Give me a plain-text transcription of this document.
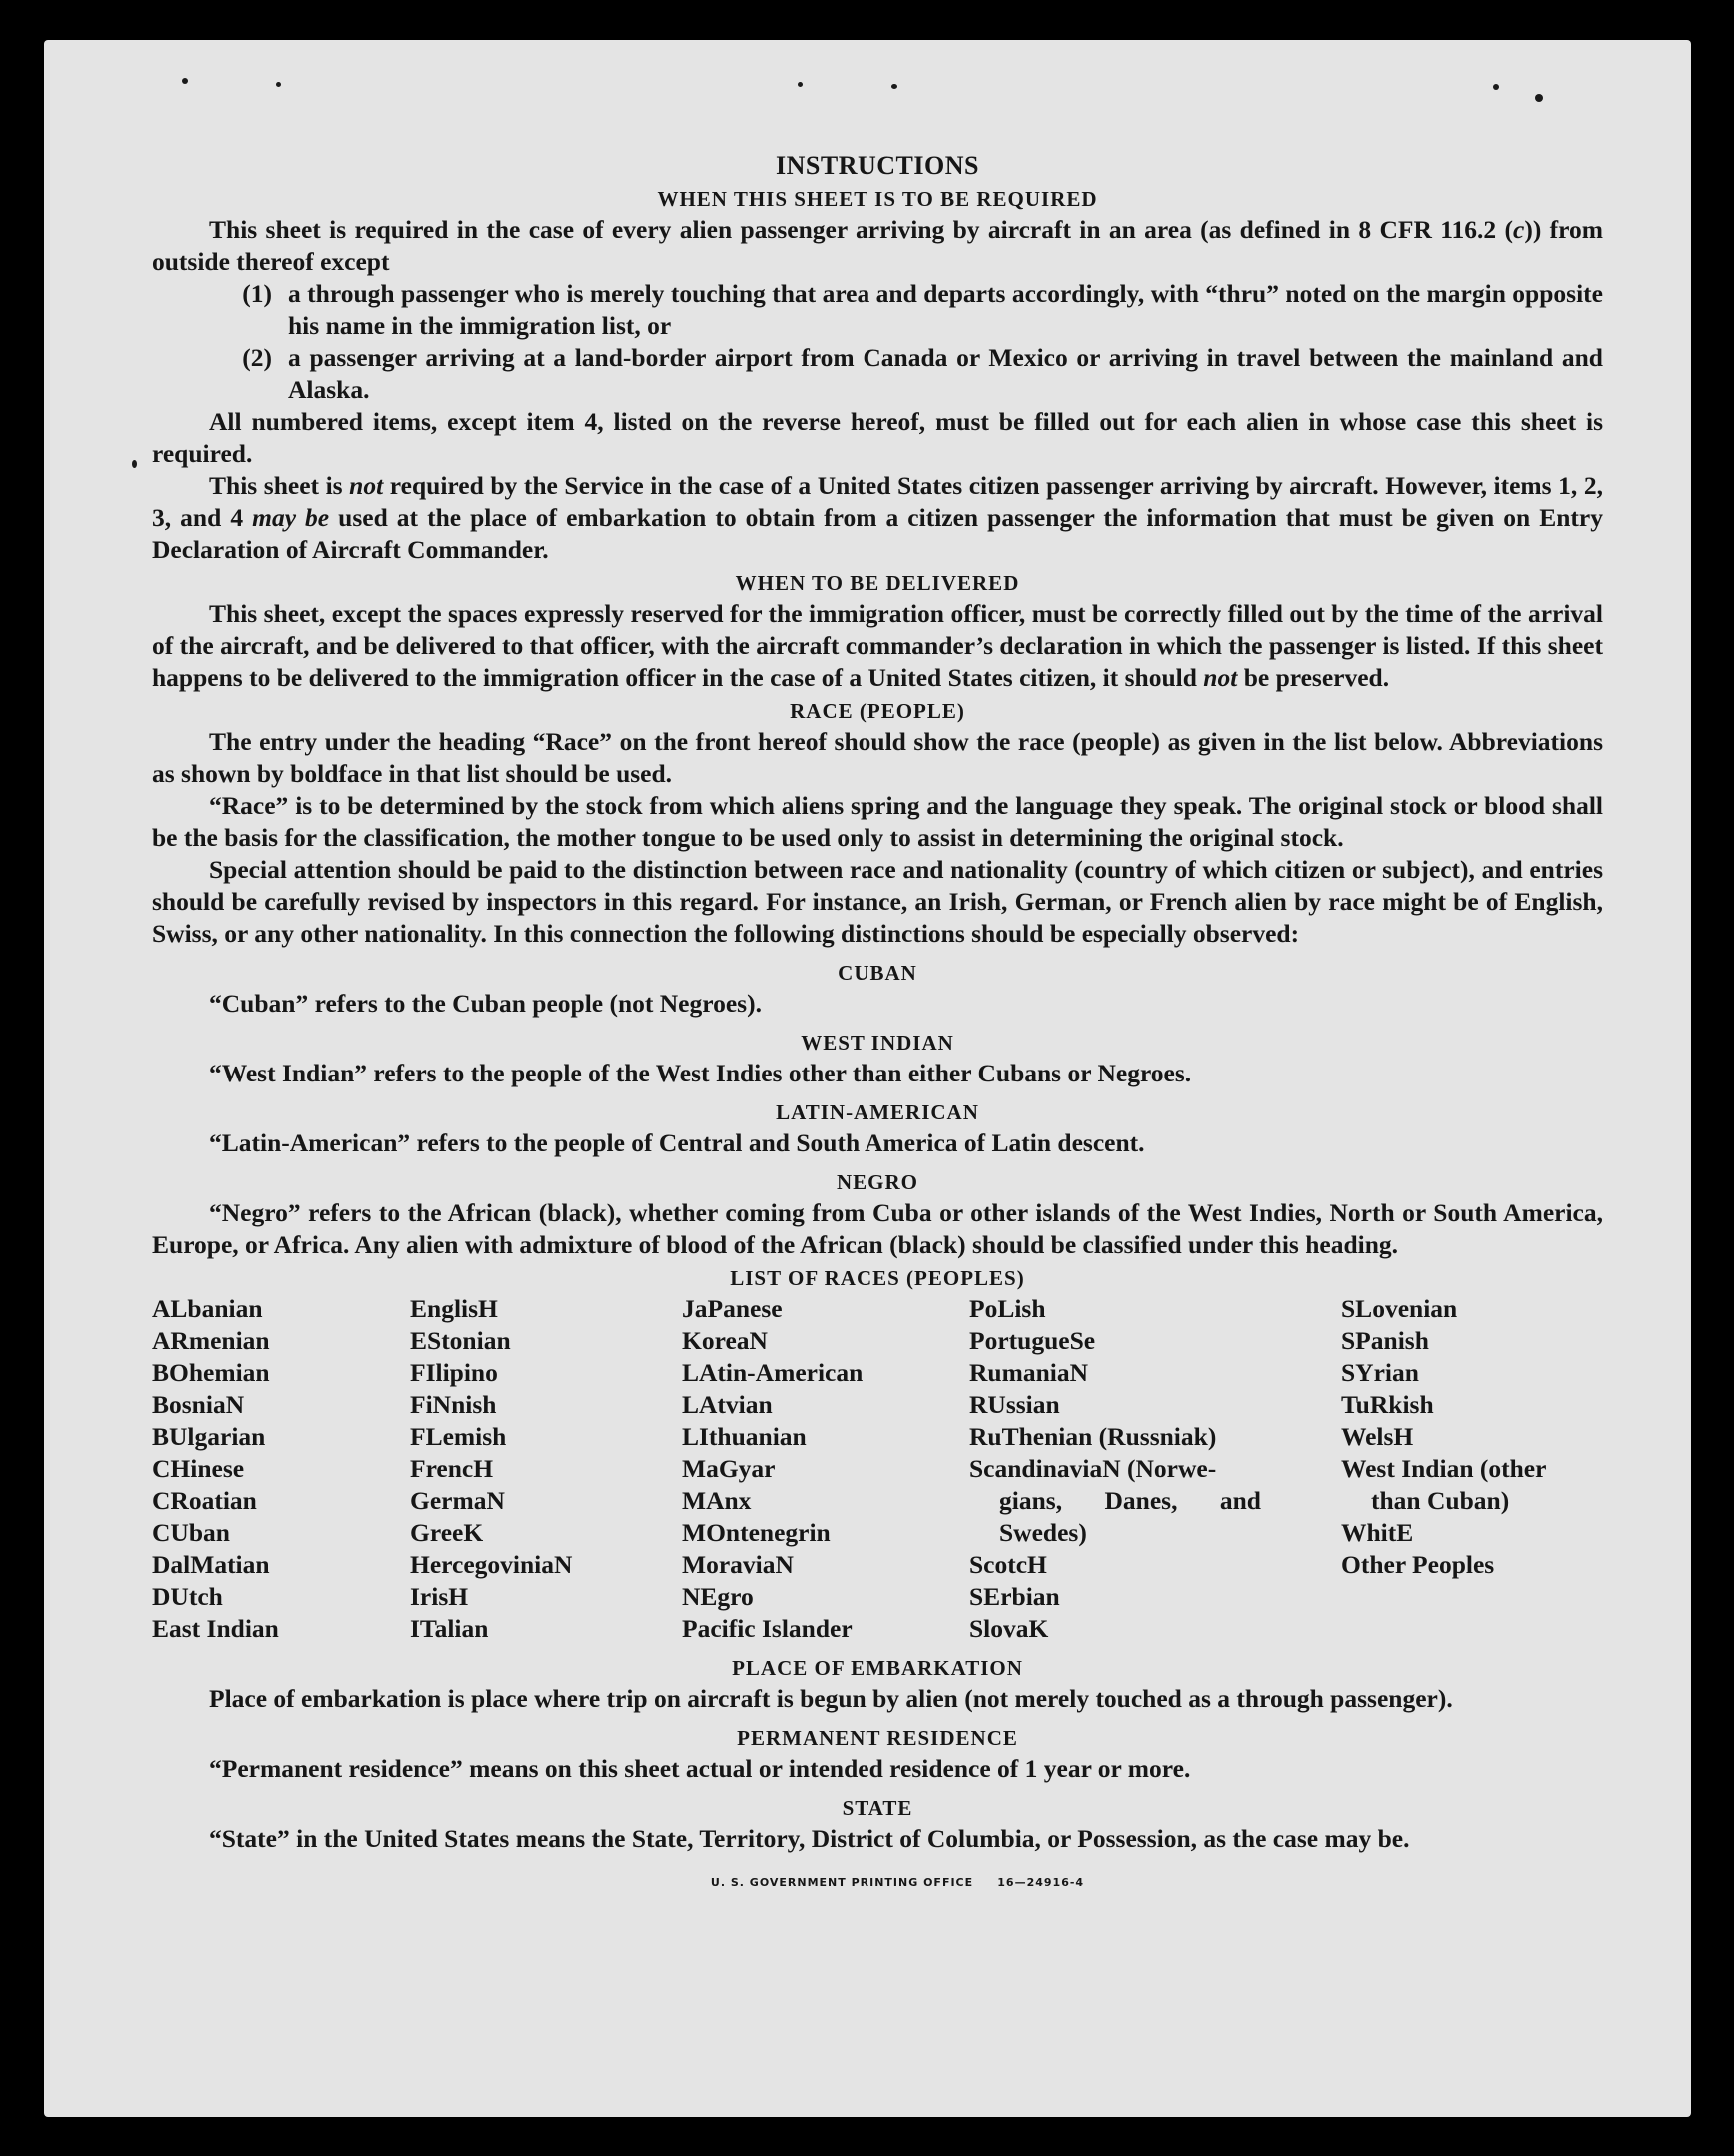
INSTRUCTIONS
WHEN THIS SHEET IS TO BE REQUIRED

This sheet is required in the case of every alien passenger arriving by aircraft in an area (as defined in 8 CFR 116.2 (c)) from outside thereof except

(1) a through passenger who is merely touching that area and departs accordingly, with “thru” noted on the margin opposite his name in the immigration list, or
(2) a passenger arriving at a land-border airport from Canada or Mexico or arriving in travel between the mainland and Alaska.

All numbered items, except item 4, listed on the reverse hereof, must be filled out for each alien in whose case this sheet is required.

This sheet is not required by the Service in the case of a United States citizen passenger arriving by aircraft. However, items 1, 2, 3, and 4 may be used at the place of embarkation to obtain from a citizen passenger the information that must be given on Entry Declaration of Aircraft Commander.

WHEN TO BE DELIVERED

This sheet, except the spaces expressly reserved for the immigration officer, must be correctly filled out by the time of the arrival of the aircraft, and be delivered to that officer, with the aircraft commander’s declaration in which the passenger is listed. If this sheet happens to be delivered to the immigration officer in the case of a United States citizen, it should not be preserved.

RACE (PEOPLE)

The entry under the heading “Race” on the front hereof should show the race (people) as given in the list below. Abbreviations as shown by boldface in that list should be used.

“Race” is to be determined by the stock from which aliens spring and the language they speak. The original stock or blood shall be the basis for the classification, the mother tongue to be used only to assist in determining the original stock.

Special attention should be paid to the distinction between race and nationality (country of which citizen or subject), and entries should be carefully revised by inspectors in this regard. For instance, an Irish, German, or French alien by race might be of English, Swiss, or any other nationality. In this connection the following distinctions should be especially observed:

CUBAN

“Cuban” refers to the Cuban people (not Negroes).

WEST INDIAN

“West Indian” refers to the people of the West Indies other than either Cubans or Negroes.

LATIN-AMERICAN

“Latin-American” refers to the people of Central and South America of Latin descent.

NEGRO

“Negro” refers to the African (black), whether coming from Cuba or other islands of the West Indies, North or South America, Europe, or Africa. Any alien with admixture of blood of the African (black) should be classified under this heading.

LIST OF RACES (PEOPLES)
ALbanian
ARmenian
BOhemian
BosniaN
BUlgarian
CHinese
CRoatian
CUban
DalMatian
DUtch
East Indian
EnglisH
EStonian
FIlipino
FiNnish
FLemish
FrencH
GermaN
GreeK
HercegoviniaN
IrisH
ITalian
JaPanese
KoreaN
LAtin-American
LAtvian
LIthuanian
MaGyar
MAnx
MOntenegrin
MoraviaN
NEgro
Pacific Islander
PoLish
PortugueSe
RumaniaN
RUssian
RuThenian (Russniak)
ScandinaviaN (Norwe-
gians, Danes, and
Swedes)
ScotcH
SErbian
SlovaK
SLovenian
SPanish
SYrian
TuRkish
WelsH
West Indian (other
than Cuban)
WhitE
Other Peoples
PLACE OF EMBARKATION

Place of embarkation is place where trip on aircraft is begun by alien (not merely touched as a through passenger).

PERMANENT RESIDENCE

“Permanent residence” means on this sheet actual or intended residence of 1 year or more.

STATE

“State” in the United States means the State, Territory, District of Columbia, or Possession, as the case may be.

U. S. GOVERNMENT PRINTING OFFICE     16—24916-4
